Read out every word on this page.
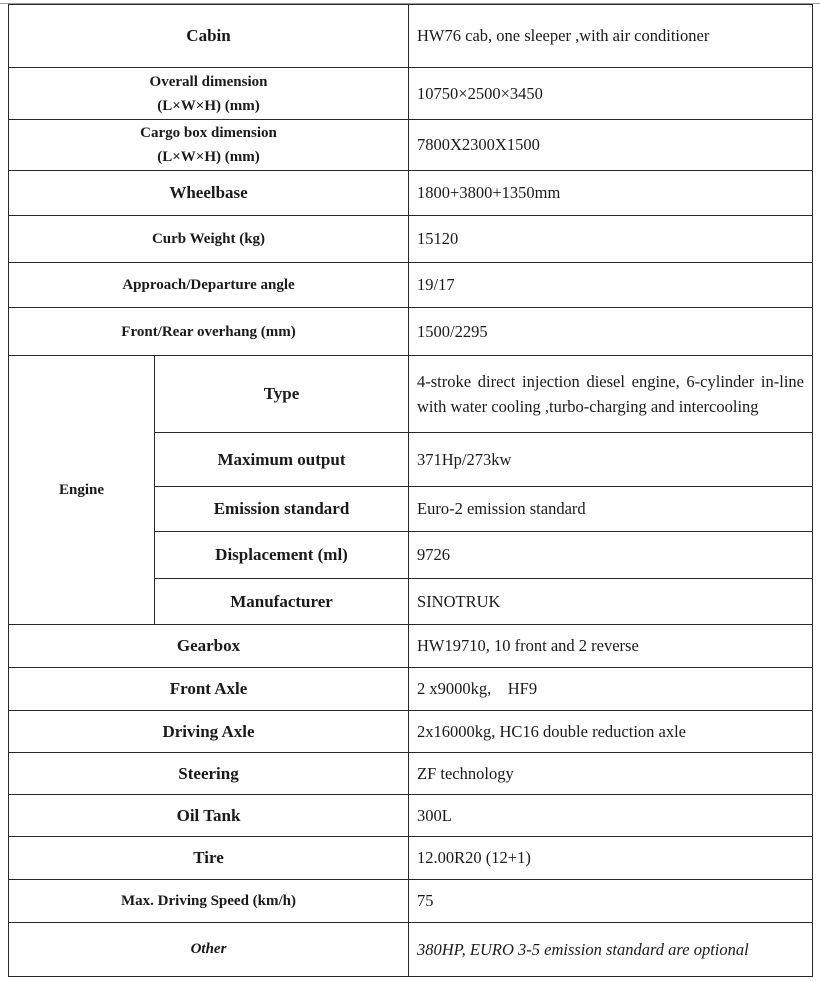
Cabin		HW76 cab, one sleeper ,with air conditioner

Overall dimension
(L×W×H) (mm)		10750×2500×3450

Cargo box dimension
(L×W×H) (mm)		7800X2300X1500
Wheelbase		1800+3800+1350mm
Curb Weight (kg)		15120
Approach/Departure angle		19/17
Front/Rear overhang (mm)		1500/2295
Engine	Type	4-stroke direct injection diesel engine, 6-cylinder in-line with water cooling ,turbo-charging and intercooling
	Maximum output	371Hp/273kw
	Emission standard	Euro-2 emission standard
	Displacement (ml)	9726
	Manufacturer	SINOTRUK
Gearbox		HW19710, 10 front and 2 reverse
Front Axle		2 x9000kg,    HF9
Driving Axle		2x16000kg, HC16 double reduction axle
Steering		ZF technology
Oil Tank		300L
Tire		12.00R20 (12+1)
Max. Driving Speed (km/h)		75
Other		380HP, EURO 3-5 emission standard are optional
